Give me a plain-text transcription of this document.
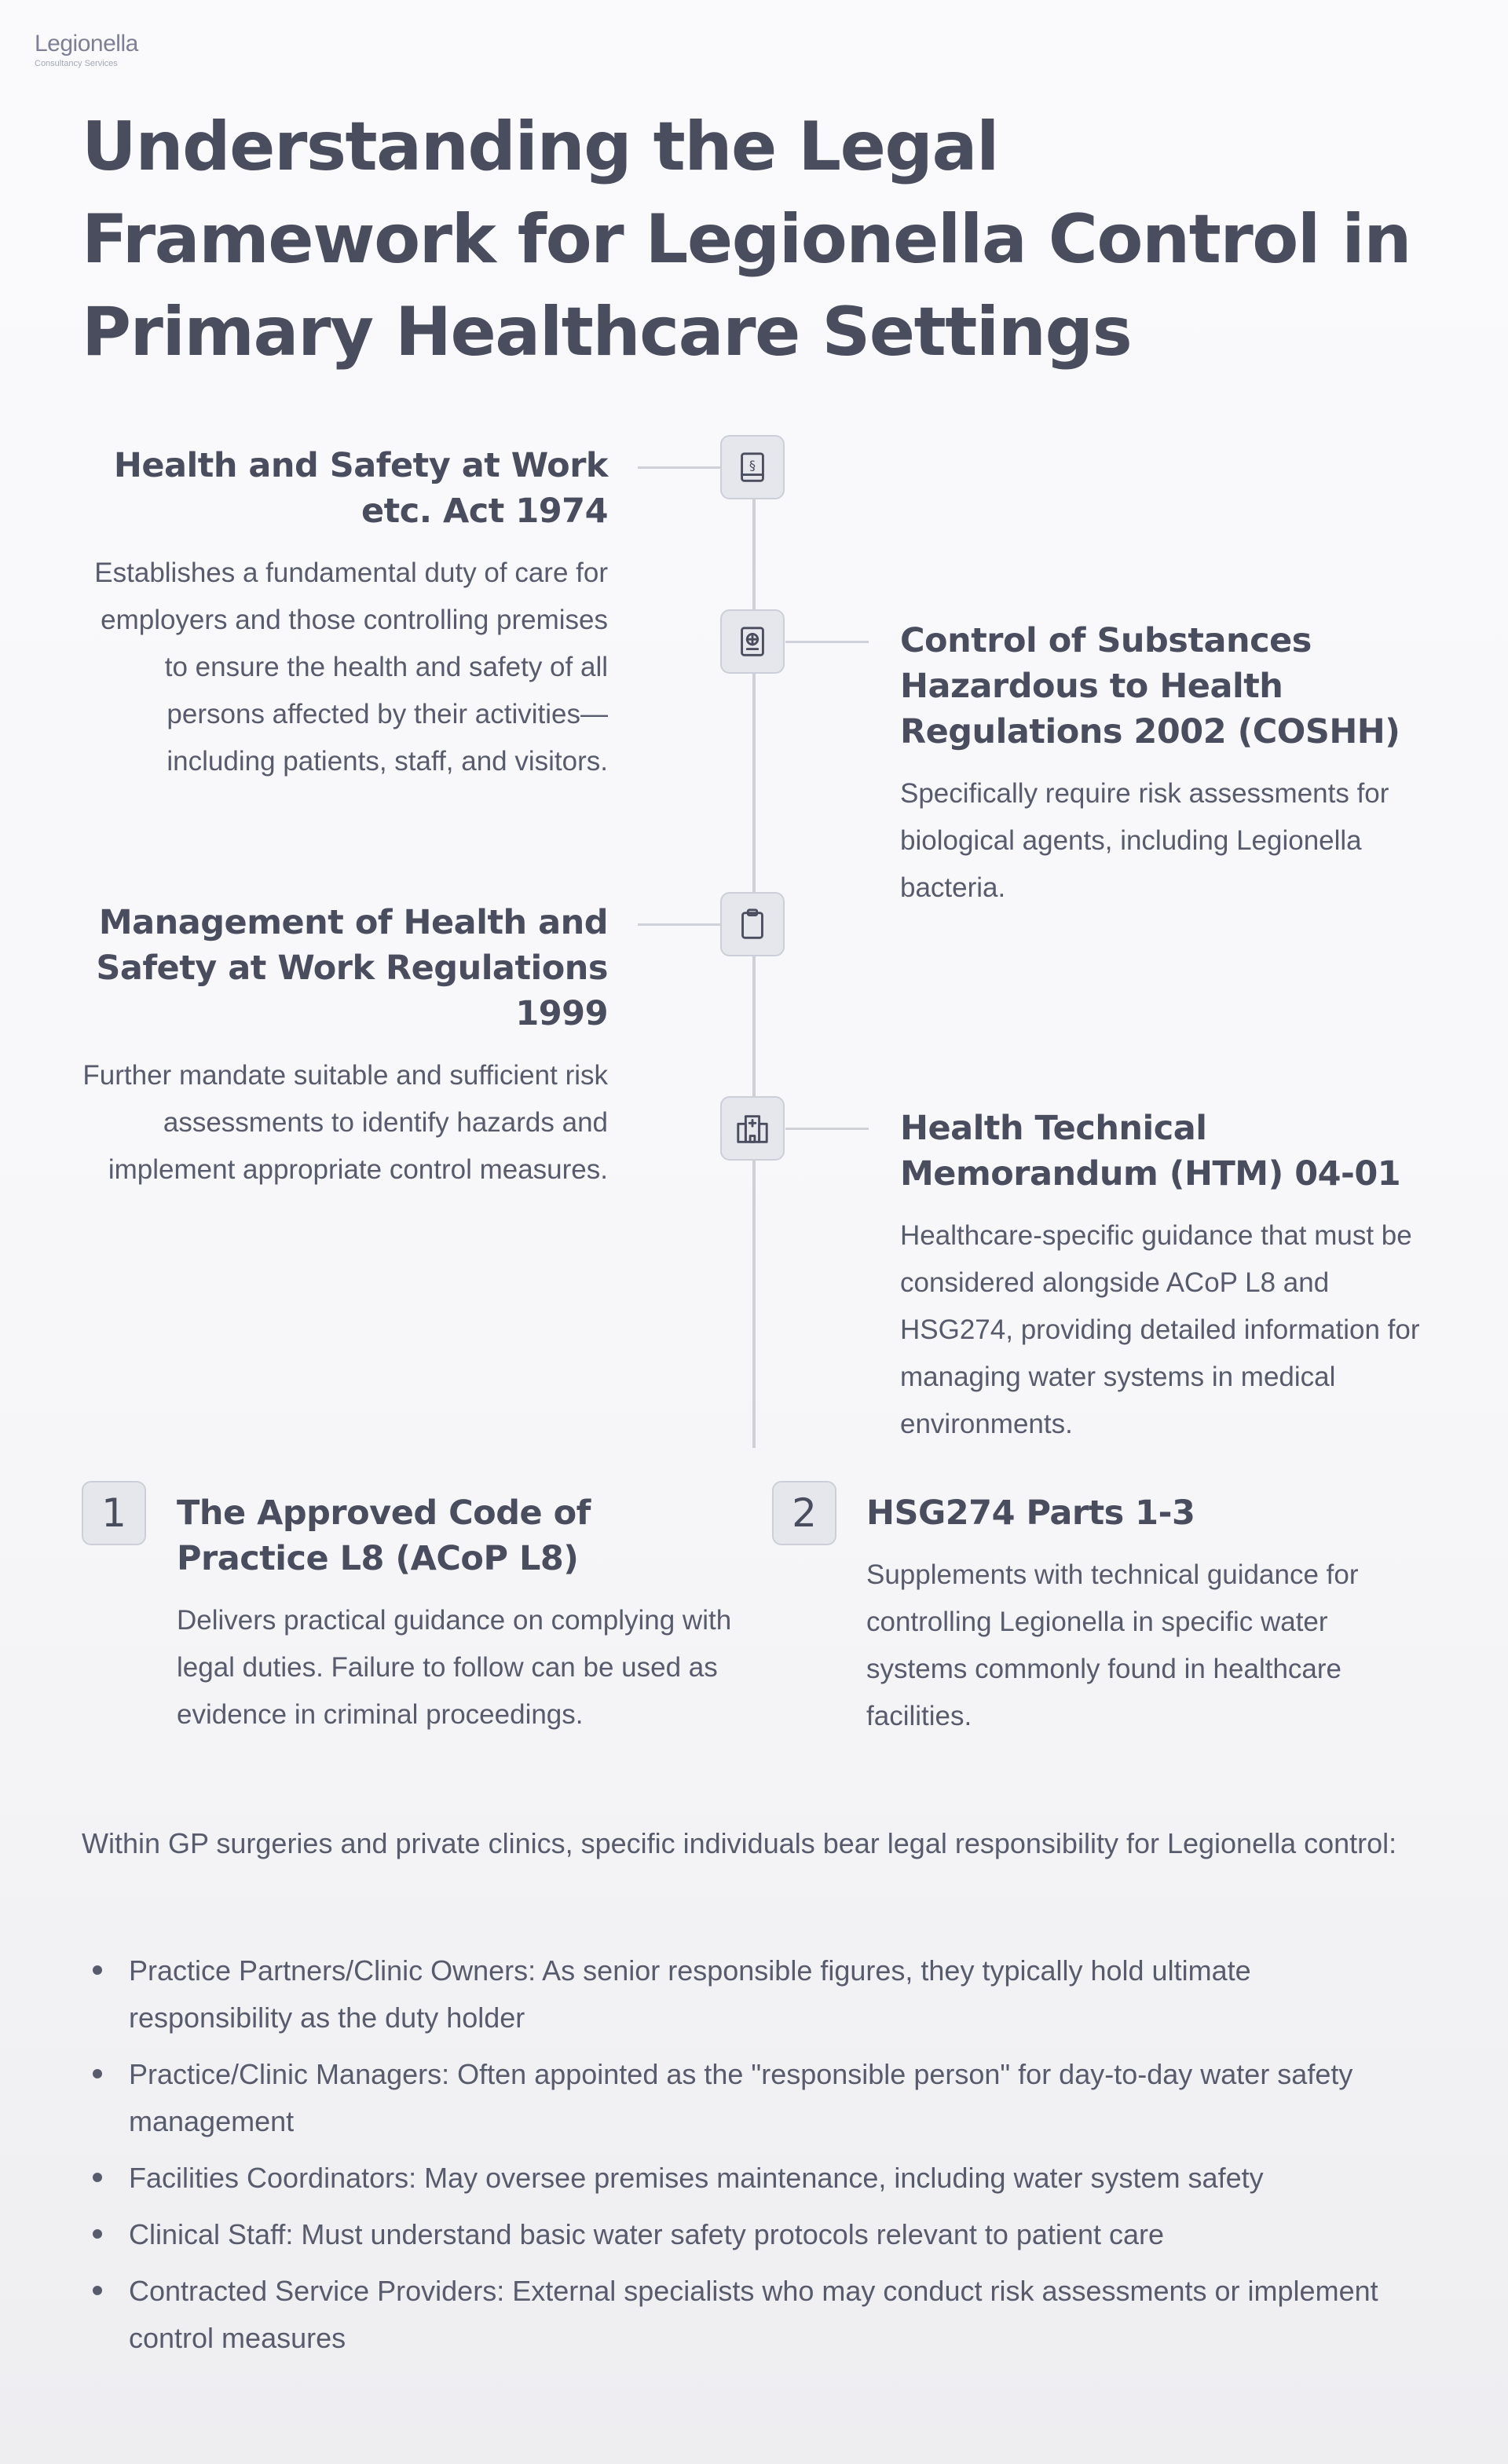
Legionella
Consultancy Services
Understanding the Legal Framework for Legionella Control in Primary Healthcare Settings
§
Health and Safety at Work etc. Act 1974

Establishes a fundamental duty of care for employers and those controlling premises to ensure the health and safety of all persons affected by their activities—including patients, staff, and visitors.

Control of Substances Hazardous to Health Regulations 2002 (COSHH)

Specifically require risk assessments for biological agents, including Legionella bacteria.

Management of Health and Safety at Work Regulations 1999

Further mandate suitable and sufficient risk assessments to identify hazards and implement appropriate control measures.

Health Technical Memorandum (HTM) 04-01

Healthcare-specific guidance that must be considered alongside ACoP L8 and HSG274, providing detailed information for managing water systems in medical environments.

1	The Approved Code of Practice L8 (ACoP L8)

Delivers practical guidance on complying with legal duties. Failure to follow can be used as evidence in criminal proceedings.

2	HSG274 Parts 1-3

Supplements with technical guidance for controlling Legionella in specific water systems commonly found in healthcare facilities.

Within GP surgeries and private clinics, specific individuals bear legal responsibility for Legionella control:

Practice Partners/Clinic Owners: As senior responsible figures, they typically hold ultimate responsibility as the duty holder
Practice/Clinic Managers: Often appointed as the "responsible person" for day-to-day water safety management
Facilities Coordinators: May oversee premises maintenance, including water system safety
Clinical Staff: Must understand basic water safety protocols relevant to patient care
Contracted Service Providers: External specialists who may conduct risk assessments or implement control measures
